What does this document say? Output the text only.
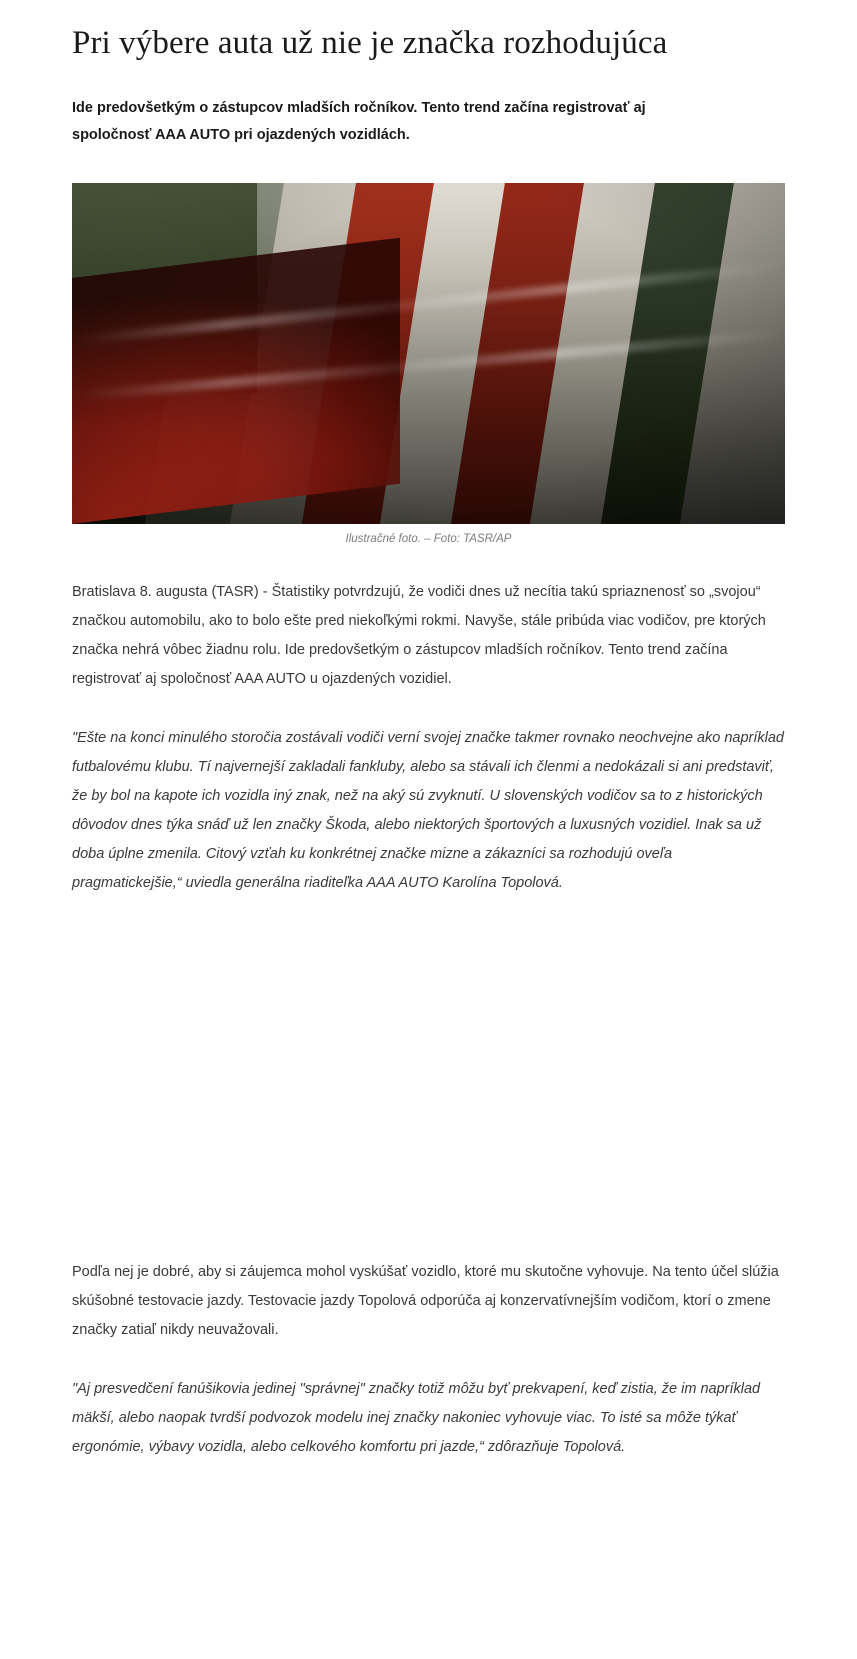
Pri výbere auta už nie je značka rozhodujúca

Ide predovšetkým o zástupcov mladších ročníkov. Tento trend začína registrovať aj spoločnosť AAA AUTO pri ojazdených vozidlách.

Ilustračné foto. – Foto: TASR/AP

Bratislava 8. augusta (TASR) - Štatistiky potvrdzujú, že vodiči dnes už necítia takú spriaznenosť so „svojou“ značkou automobilu, ako to bolo ešte pred niekoľkými rokmi. Navyše, stále pribúda viac vodičov, pre ktorých značka nehrá vôbec žiadnu rolu. Ide predovšetkým o zástupcov mladších ročníkov. Tento trend začína registrovať aj spoločnosť AAA AUTO u ojazdených vozidiel.

"Ešte na konci minulého storočia zostávali vodiči verní svojej značke takmer rovnako neochvejne ako napríklad futbalovému klubu. Tí najvernejší zakladali fankluby, alebo sa stávali ich členmi a nedokázali si ani predstaviť, že by bol na kapote ich vozidla iný znak, než na aký sú zvyknutí. U slovenských vodičov sa to z historických dôvodov dnes týka snáď už len značky Škoda, alebo niektorých športových a luxusných vozidiel. Inak sa už doba úplne zmenila. Citový vzťah ku konkrétnej značke mizne a zákazníci sa rozhodujú oveľa pragmatickejšie,“ uviedla generálna riaditeľka AAA AUTO Karolína Topolová.

Podľa nej je dobré, aby si záujemca mohol vyskúšať vozidlo, ktoré mu skutočne vyhovuje. Na tento účel slúžia skúšobné testovacie jazdy. Testovacie jazdy Topolová odporúča aj konzervatívnejším vodičom, ktorí o zmene značky zatiaľ nikdy neuvažovali.

"Aj presvedčení fanúšikovia jedinej "správnej" značky totiž môžu byť prekvapení, keď zistia, že im napríklad mäkší, alebo naopak tvrdší podvozok modelu inej značky nakoniec vyhovuje viac. To isté sa môže týkať ergonómie, výbavy vozidla, alebo celkového komfortu pri jazde,“ zdôrazňuje Topolová.
